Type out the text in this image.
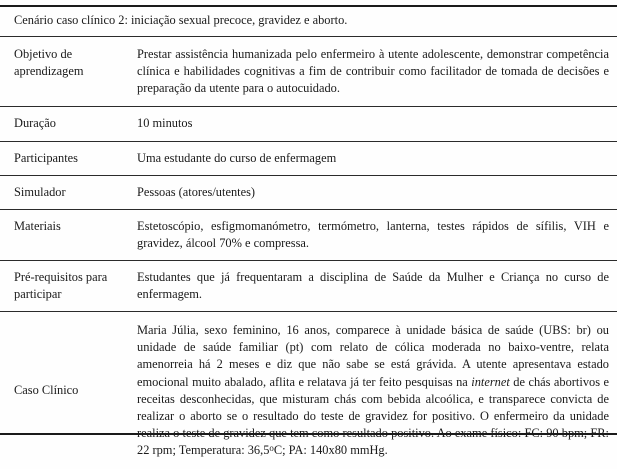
Cenário caso clínico 2: iniciação sexual precoce, gravidez e aborto.	
Objetivo de aprendizagem	Prestar assistência humanizada pelo enfermeiro à utente adolescente, demonstrar competência clínica e habilidades cognitivas a fim de contribuir como facilitador de tomada de decisões e preparação da utente para o autocuidado.
Duração	10 minutos
Participantes	Uma estudante do curso de enfermagem
Simulador	Pessoas (atores/utentes)
Materiais	Estetoscópio, esfigmomanómetro, termómetro, lanterna, testes rápidos de sífilis, VIH e gravidez, álcool 70% e compressa.
Pré-requisitos para participar	Estudantes que já frequentaram a disciplina de Saúde da Mulher e Criança no curso de enfermagem.
Caso Clínico	Maria Júlia, sexo feminino, 16 anos, comparece à unidade básica de saúde (UBS: br) ou unidade de saúde familiar (pt) com relato de cólica moderada no baixo-ventre, relata amenorreia há 2 meses e diz que não sabe se está grávida. A utente apresentava estado emocional muito abalado, aflita e relatava já ter feito pesquisas na internet de chás abortivos e receitas desconhecidas, que misturam chás com bebida alcoólica, e transparece convicta de realizar o aborto se o resultado do teste de gravidez for positivo. O enfermeiro da unidade realiza o teste de gravidez que tem como resultado positivo. Ao exame físico: FC: 90 bpm; FR: 22 rpm; Temperatura: 36,5$^o$C; PA: 140x80 mmHg.
